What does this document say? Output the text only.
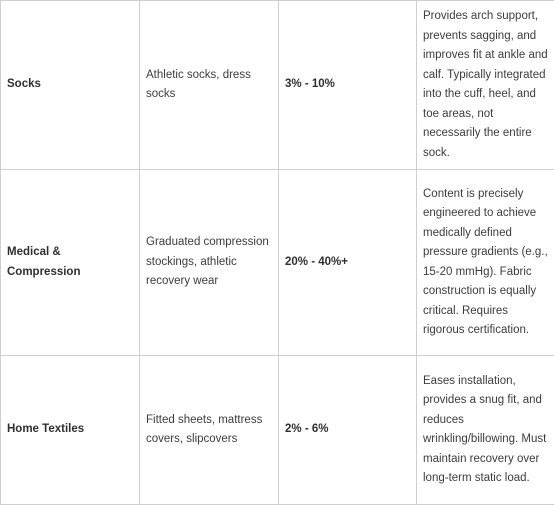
Socks	Athletic socks, dress socks	3% - 10%	Provides arch support, prevents sagging, and improves fit at ankle and calf. Typically integrated into the cuff, heel, and toe areas, not necessarily the entire sock.

Medical & Compression	Graduated compression stockings, athletic recovery wear	20% - 40%+	Content is precisely engineered to achieve medically defined pressure gradients (e.g., 15-20 mmHg). Fabric construction is equally critical. Requires rigorous certification.

Home Textiles	Fitted sheets, mattress covers, slipcovers	2% - 6%	Eases installation, provides a snug fit, and reduces wrinkling/billowing. Must maintain recovery over long-term static load.
